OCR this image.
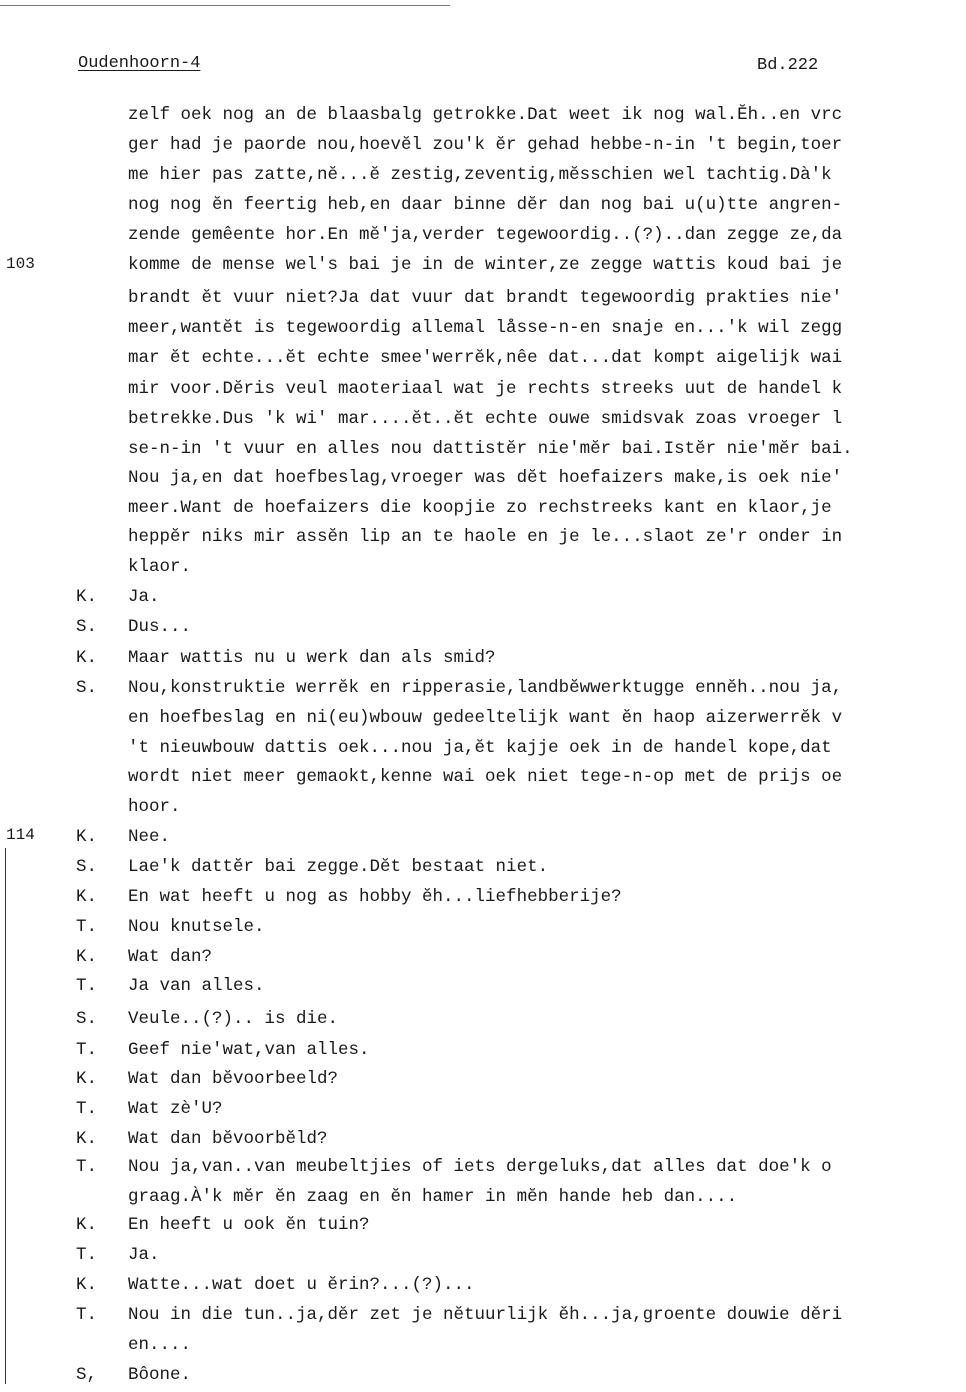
Oudenhoorn-4	Bd.222
103
114
zelf oek nog an de blaasbalg getrokke.Dat weet ik nog wal.Ĕh..en vrc
ger had je paorde nou,hoevĕl zou'k ĕr gehad hebbe-n-in 't begin,toer
me hier pas zatte,nĕ...ĕ zestig,zeventig,mĕsschien wel tachtig.Dà'k
nog nog ĕn feertig heb,en daar binne dĕr dan nog bai u(u)tte angren-
zende gemêente hor.En mĕ'ja,verder tegewoordig..(?)..dan zegge ze,da
komme de mense wel's bai je in de winter,ze zegge wattis koud bai je
brandt ĕt vuur niet?Ja dat vuur dat brandt tegewoordig prakties nie'
meer,wantĕt is tegewoordig allemal låsse-n-en snaje en...'k wil zegg
mar ĕt echte...ĕt echte smee'werrĕk,nêe dat...dat kompt aigelijk wai
mir voor.Dĕris veul maoteriaal wat je rechts streeks uut de handel k
betrekke.Dus 'k wi' mar....ĕt..ĕt echte ouwe smidsvak zoas vroeger l
se-n-in 't vuur en alles nou dattistĕr nie'mĕr bai.Istĕr nie'mĕr bai.
Nou ja,en dat hoefbeslag,vroeger was dĕt hoefaizers make,is oek nie'
meer.Want de hoefaizers die koopjie zo rechstreeks kant en klaor,je
heppĕr niks mir assĕn lip an te haole en je le...slaot ze'r onder in
klaor.
K. Ja.
S. Dus...
K. Maar wattis nu u werk dan als smid?
S. Nou,konstruktie werrĕk en ripperasie,landbĕwwerktugge ennĕh..nou ja,
en hoefbeslag en ni(eu)wbouw gedeeltelijk want ĕn haop aizerwerrĕk v
't nieuwbouw dattis oek...nou ja,ĕt kajje oek in de handel kope,dat
wordt niet meer gemaokt,kenne wai oek niet tege-n-op met de prijs oe
hoor.
K. Nee.
S. Lae'k dattĕr bai zegge.Dĕt bestaat niet.
K. En wat heeft u nog as hobby ĕh...liefhebberije?
T. Nou knutsele.
K. Wat dan?
T. Ja van alles.
S. Veule..(?).. is die.
T. Geef nie'wat,van alles.
K. Wat dan bĕvoorbeeld?
T. Wat zè'U?
K. Wat dan bĕvoorbĕld?
T. Nou ja,van..van meubeltjies of iets dergeluks,dat alles dat doe'k o
graag.À'k mĕr ĕn zaag en ĕn hamer in mĕn hande heb dan....
K. En heeft u ook ĕn tuin?
T. Ja.
K. Watte...wat doet u ĕrin?...(?)...
T. Nou in die tun..ja,dĕr zet je nĕtuurlijk ĕh...ja,groente douwie dĕri
en....
S, Bôone.
